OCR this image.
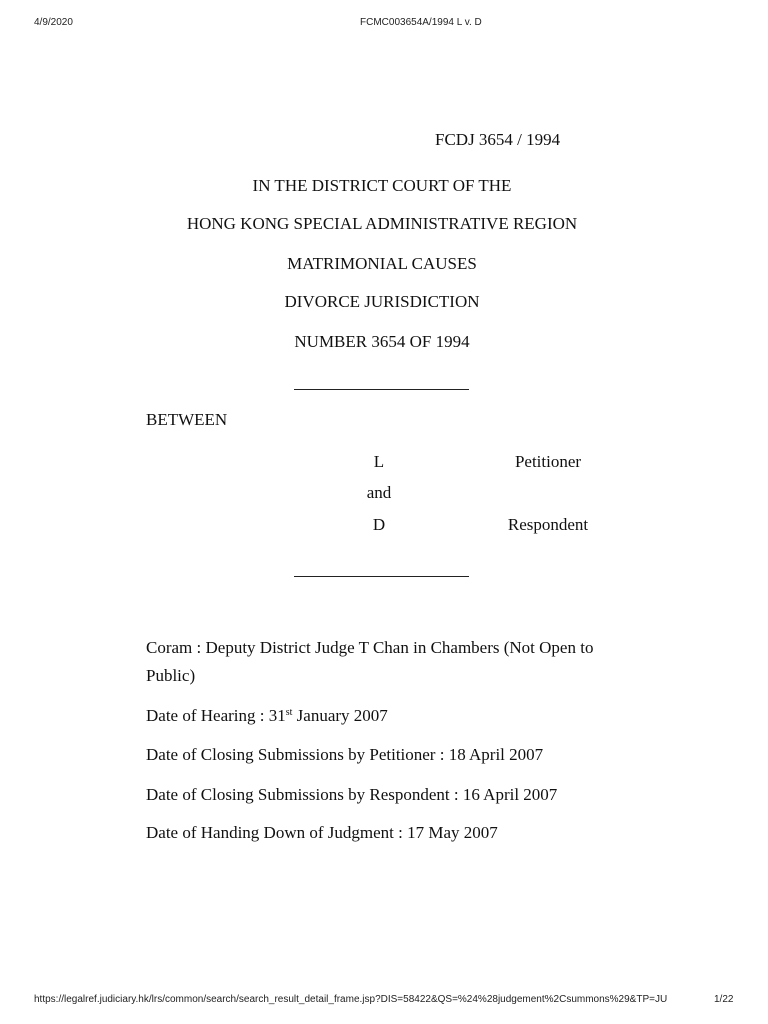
4/9/2020	FCMC003654A/1994 L v. D
FCDJ 3654 / 1994
IN THE DISTRICT COURT OF THE
HONG KONG SPECIAL ADMINISTRATIVE REGION
MATRIMONIAL CAUSES
DIVORCE JURISDICTION
NUMBER 3654 OF 1994
BETWEEN
L	Petitioner
and
D	Respondent
Coram : Deputy District Judge T Chan in Chambers (Not Open to Public)
Date of Hearing : 31st January 2007
Date of Closing Submissions by Petitioner : 18 April 2007
Date of Closing Submissions by Respondent : 16 April 2007
Date of Handing Down of Judgment : 17 May 2007
https://legalref.judiciary.hk/lrs/common/search/search_result_detail_frame.jsp?DIS=58422&QS=%24%28judgement%2Csummons%29&TP=JU	1/22
